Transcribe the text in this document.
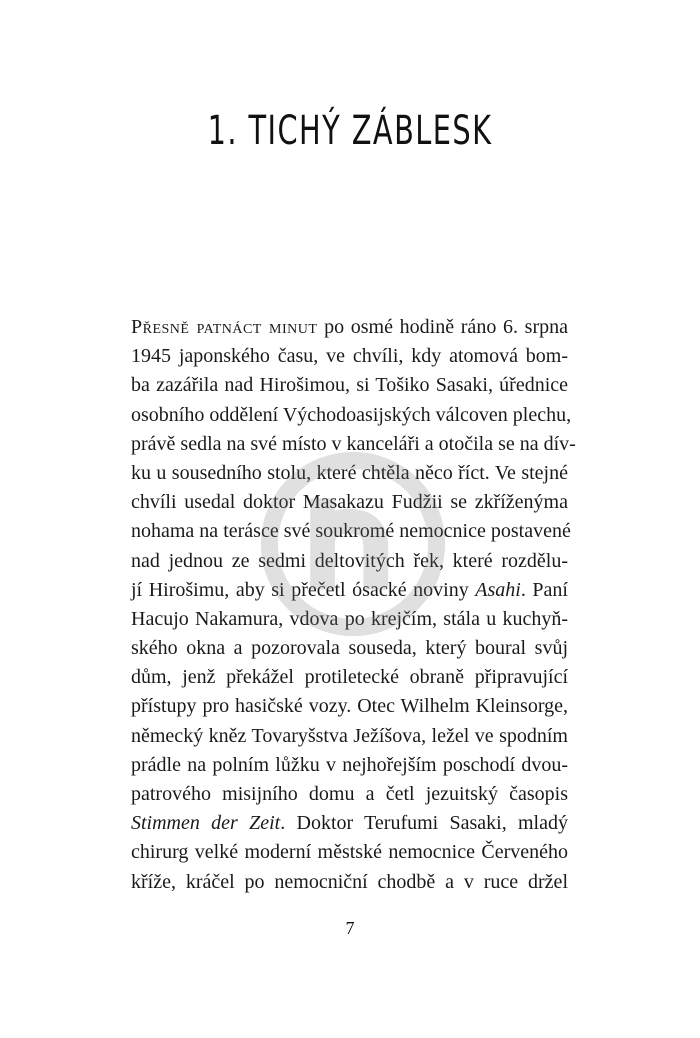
1. TICHÝ ZÁBLESK
Přesně patnáct minut po osmé hodině ráno 6. srpna
1945 japonského času, ve chvíli, kdy atomová bom-
ba zazářila nad Hirošimou, si Tošiko Sasaki, úřednice
osobního oddělení Východoasijských válcoven plechu,
právě sedla na své místo v kanceláři a otočila se na dív-
ku u sousedního stolu, které chtěla něco říct. Ve stejné
chvíli usedal doktor Masakazu Fudžii se zkříženýma
nohama na terásce své soukromé nemocnice postavené
nad jednou ze sedmi deltovitých řek, které rozdělu-
jí Hirošimu, aby si přečetl ósacké noviny Asahi. Paní
Hacujo Nakamura, vdova po krejčím, stála u kuchyň-
ského okna a pozorovala souseda, který boural svůj
dům, jenž překážel protiletecké obraně připravující
přístupy pro hasičské vozy. Otec Wilhelm Kleinsorge,
německý kněz Tovaryšstva Ježíšova, ležel ve spodním
prádle na polním lůžku v nejhořejším poschodí dvou-
patrového misijního domu a četl jezuitský časopis
Stimmen der Zeit. Doktor Terufumi Sasaki, mladý
chirurg velké moderní městské nemocnice Červeného
kříže, kráčel po nemocniční chodbě a v ruce držel
7
